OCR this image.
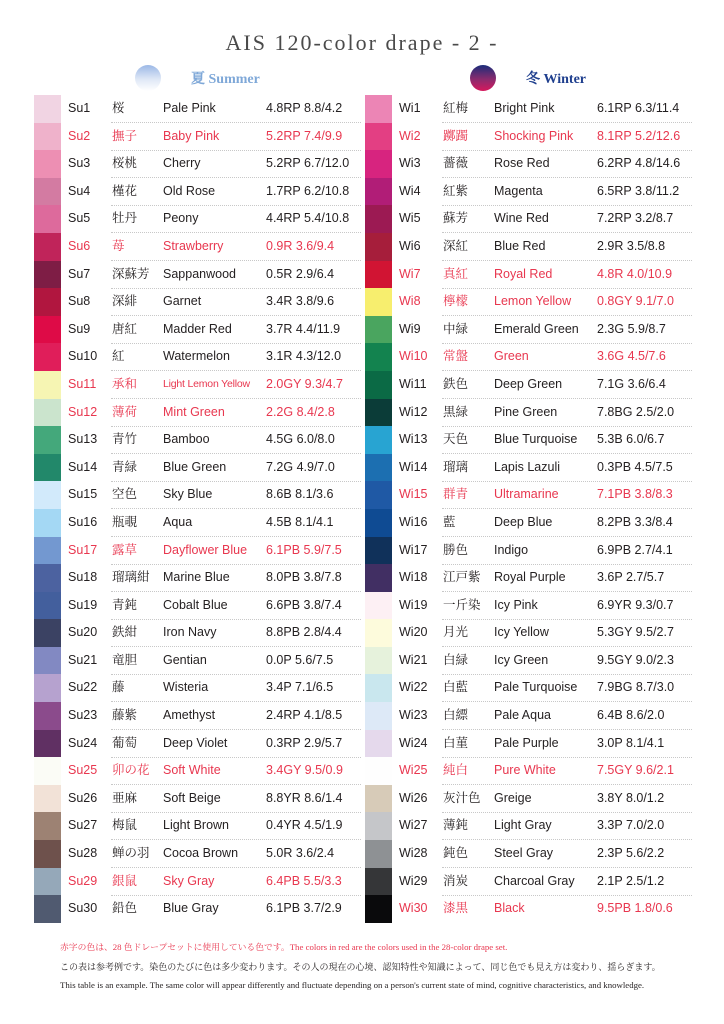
AIS 120-color drape - 2 -
夏 Summer	冬 Winter
Su1 桜	Pale Pink	4.8RP 8.8/4.2
Su2 撫子 Baby Pink	5.2RP 7.4/9.9
Su3 桜桃 Cherry	5.2RP 6.7/12.0
Su4 槿花 Old Rose	1.7RP 6.2/10.8
Su5 牡丹 Peony	4.4RP 5.4/10.8
Su6 苺	Strawberry	0.9R 3.6/9.4
Su7 深蘇芳 Sappanwood 0.5R 2.9/6.4
Su8 深緋 Garnet	3.4R 3.8/9.6
Su9 唐紅 Madder Red	3.7R 4.4/11.9
Su10 紅	Watermelon	3.1R 4.3/12.0
Su11 承和 Light Lemon Yellow 2.0GY 9.3/4.7
Su12 薄荷 Mint Green	2.2G 8.4/2.8
Su13 青竹 Bamboo	4.5G 6.0/8.0
Su14 青緑 Blue Green	7.2G 4.9/7.0
Su15 空色 Sky Blue	8.6B 8.1/3.6
Su16 瓶覗 Aqua	4.5B 8.1/4.1
Su17 露草 Dayflower Blue 6.1PB 5.9/7.5
Su18 瑠璃紺 Marine Blue	8.0PB 3.8/7.8
Su19 青鈍 Cobalt Blue	6.6PB 3.8/7.4
Su20 鉄紺 Iron Navy	8.8PB 2.8/4.4
Su21 竜胆 Gentian	0.0P 5.6/7.5
Su22 藤	Wisteria	3.4P 7.1/6.5
Su23 藤紫 Amethyst	2.4RP 4.1/8.5
Su24 葡萄 Deep Violet	0.3RP 2.9/5.7
Su25 卯の花 Soft White	3.4GY 9.5/0.9
Su26 亜麻 Soft Beige	8.8YR 8.6/1.4
Su27 梅鼠 Light Brown	0.4YR 4.5/1.9
Su28 蝉の羽 Cocoa Brown 5.0R 3.6/2.4
Su29 銀鼠 Sky Gray	6.4PB 5.5/3.3
Su30 鉛色 Blue Gray	6.1PB 3.7/2.9
Wi1 紅梅 Bright Pink	6.1RP 6.3/11.4
Wi2 躑躅 Shocking Pink 8.1RP 5.2/12.6
Wi3 薔薇 Rose Red	6.2RP 4.8/14.6
Wi4 紅紫 Magenta	6.5RP 3.8/11.2
Wi5 蘇芳 Wine Red	7.2RP 3.2/8.7
Wi6 深紅 Blue Red	2.9R 3.5/8.8
Wi7 真紅 Royal Red	4.8R 4.0/10.9
Wi8 檸檬 Lemon Yellow 0.8GY 9.1/7.0
Wi9 中緑 Emerald Green 2.3G 5.9/8.7
Wi10 常盤 Green	3.6G 4.5/7.6
Wi11 鉄色 Deep Green	7.1G 3.6/6.4
Wi12 黒緑 Pine Green	7.8BG 2.5/2.0
Wi13 天色 Blue Turquoise 5.3B 6.0/6.7
Wi14 瑠璃 Lapis Lazuli	0.3PB 4.5/7.5
Wi15 群青 Ultramarine	7.1PB 3.8/8.3
Wi16 藍	Deep Blue	8.2PB 3.3/8.4
Wi17 勝色 Indigo	6.9PB 2.7/4.1
Wi18 江戸紫 Royal Purple	3.6P 2.7/5.7
Wi19 一斤染 Icy Pink	6.9YR 9.3/0.7
Wi20 月光 Icy Yellow	5.3GY 9.5/2.7
Wi21 白緑 Icy Green	9.5GY 9.0/2.3
Wi22 白藍 Pale Turquoise 7.9BG 8.7/3.0
Wi23 白縹 Pale Aqua	6.4B 8.6/2.0
Wi24 白菫 Pale Purple	3.0P 8.1/4.1
Wi25 純白 Pure White	7.5GY 9.6/2.1
Wi26 灰汁色 Greige	3.8Y 8.0/1.2
Wi27 薄鈍 Light Gray	3.3P 7.0/2.0
Wi28 鈍色 Steel Gray	2.3P 5.6/2.2
Wi29 消炭 Charcoal Gray 2.1P 2.5/1.2
Wi30 漆黒 Black	9.5PB 1.8/0.6
赤字の色は、28 色ドレープセットに使用している色です。The colors in red are the colors used in the 28-color drape set.
この表は参考例です。染色のたびに色は多少変わります。その人の現在の心境、認知特性や知識によって、同じ色でも見え方は変わり、揺らぎます。
This table is an example. The same color will appear differently and fluctuate depending on a person's current state of mind, cognitive characteristics, and knowledge.
